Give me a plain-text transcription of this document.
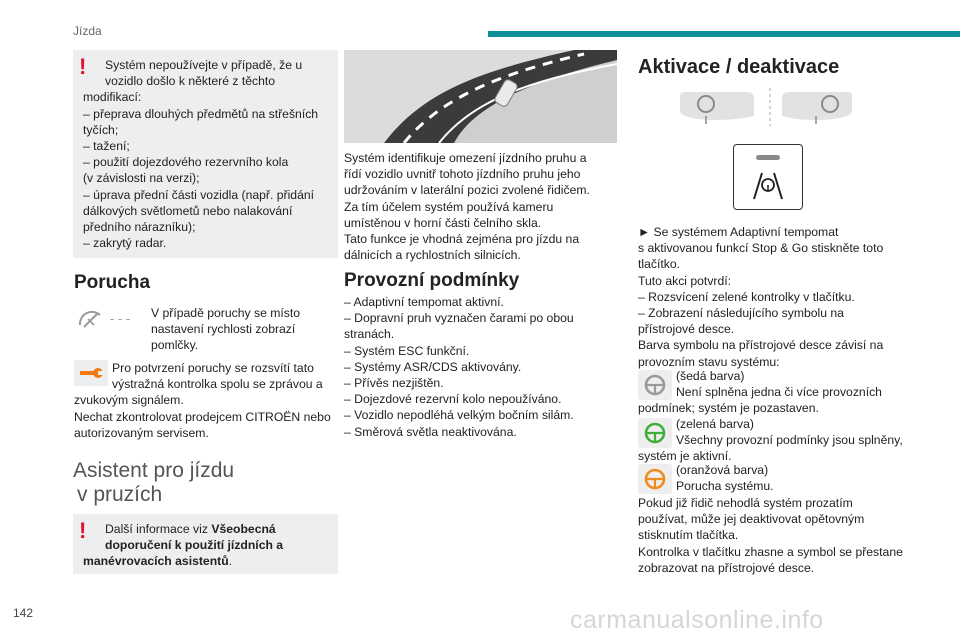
Jízda
!	Systém nepoužívejte v případě, že u
vozidlo došlo k některé z těchto
modifikací:
– přeprava dlouhých předmětů na střešních
tyčích;
– tažení;
– použití dojezdového rezervního kola
(v závislosti na verzi);
– úprava přední části vozidla (např. přidání
dálkových světlometů nebo nalakování
předního nárazníku);
– zakrytý radar.
Porucha
- - - V případě poruchy se místo
nastavení rychlosti zobrazí
pomlčky.
Pro potvrzení poruchy se rozsvítí tato
výstražná kontrolka spolu se zprávou a
zvukovým signálem.
Nechat zkontrolovat prodejcem CITROËN nebo
autorizovaným servisem.
Asistent pro jízdu
v pruzích
!	Další informace viz Všeobecná
doporučení k použití jízdních a
manévrovacích asistentů.
Systém identifikuje omezení jízdního pruhu a
řídí vozidlo uvnitř tohoto jízdního pruhu jeho
udržováním v laterální pozici zvolené řidičem.
Za tím účelem systém používá kameru
umístěnou v horní části čelního skla.
Tato funkce je vhodná zejména pro jízdu na
dálnicích a rychlostních silnicích.
Provozní podmínky
– Adaptivní tempomat aktivní.
– Dopravní pruh vyznačen čarami po obou
stranách.
– Systém ESC funkční.
– Systémy ASR/CDS aktivovány.
– Přívěs nezjištěn.
– Dojezdové rezervní kolo nepoužíváno.
– Vozidlo nepodléhá velkým bočním silám.
– Směrová světla neaktivována.
Aktivace / deaktivace
► Se systémem Adaptivní tempomat
s aktivovanou funkcí Stop & Go stiskněte toto
tlačítko.
Tuto akci potvrdí:
– Rozsvícení zelené kontrolky v tlačítku.
– Zobrazení následujícího symbolu na
přístrojové desce.
Barva symbolu na přístrojové desce závisí na
provozním stavu systému:
(šedá barva)
Není splněna jedna či více provozních
podmínek; systém je pozastaven.
(zelená barva)
Všechny provozní podmínky jsou splněny,
systém je aktivní.
(oranžová barva)
Porucha systému.
Pokud již řidič nehodlá systém prozatím
používat, může jej deaktivovat opětovným
stisknutím tlačítka.
Kontrolka v tlačítku zhasne a symbol se přestane
zobrazovat na přístrojové desce.
142	carmanualsonline.info
